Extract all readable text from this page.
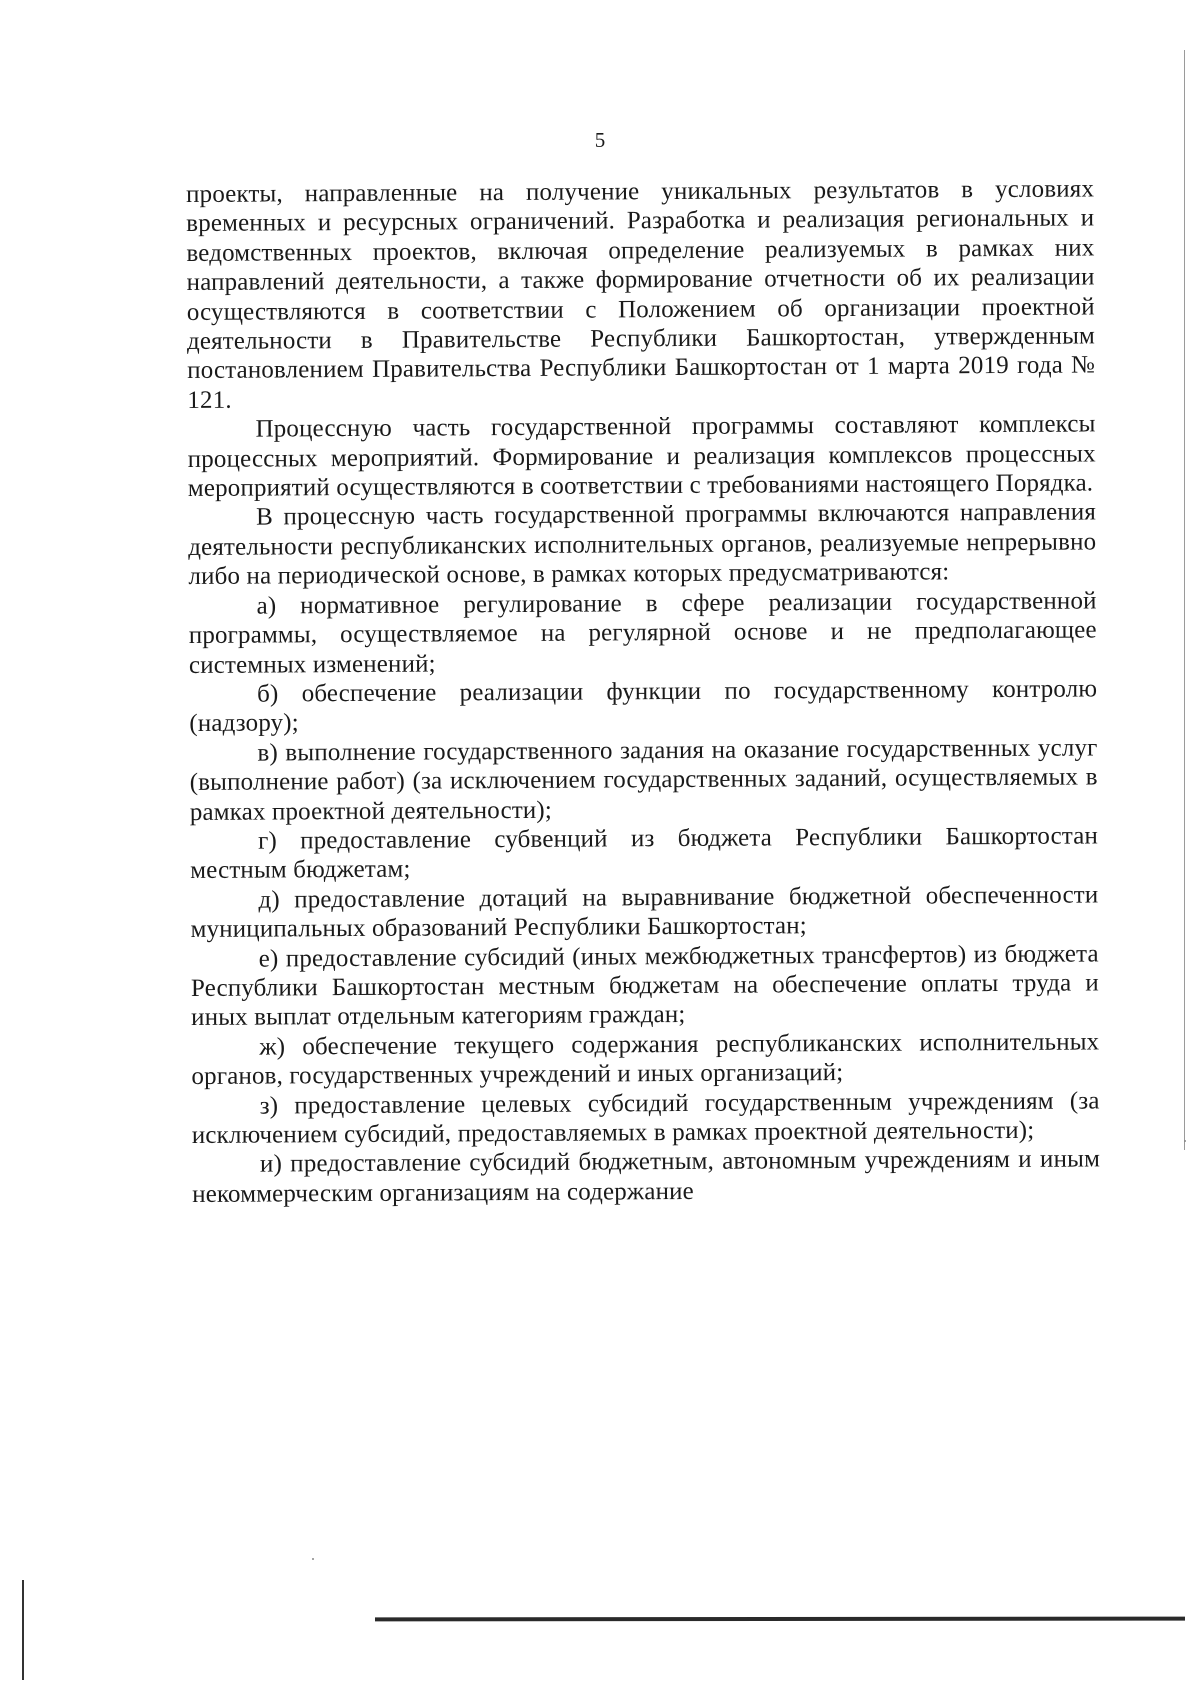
5

проекты, направленные на получение уникальных результатов в условиях временных и ресурсных ограничений. Разработка и реализация региональных и ведомственных проектов, включая определение реализуемых в рамках них направлений деятельности, а также формирование отчетности об их реализации осуществляются в соответствии с Положением об организации проектной деятельности в Правительстве Республики Башкортостан, утвержденным постановлением Правительства Республики Башкортостан от 1 марта 2019 года № 121.

Процессную часть государственной программы составляют комплексы процессных мероприятий. Формирование и реализация комплексов процессных мероприятий осуществляются в соответствии с требованиями настоящего Порядка.

В процессную часть государственной программы включаются направления деятельности республиканских исполнительных органов, реализуемые непрерывно либо на периодической основе, в рамках которых предусматриваются:

а) нормативное регулирование в сфере реализации государственной программы, осуществляемое на регулярной основе и не предполагающее системных изменений;

б) обеспечение реализации функции по государственному контролю (надзору);

в) выполнение государственного задания на оказание государственных услуг (выполнение работ) (за исключением государственных заданий, осуществляемых в рамках проектной деятельности);

г) предоставление субвенций из бюджета Республики Башкортостан местным бюджетам;

д) предоставление дотаций на выравнивание бюджетной обеспеченности муниципальных образований Республики Башкортостан;

е) предоставление субсидий (иных межбюджетных трансфертов) из бюджета Республики Башкортостан местным бюджетам на обеспечение оплаты труда и иных выплат отдельным категориям граждан;

ж) обеспечение текущего содержания республиканских исполнительных органов, государственных учреждений и иных организаций;

з) предоставление целевых субсидий государственным учреждениям (за исключением субсидий, предоставляемых в рамках проектной деятельности);

и) предоставление субсидий бюджетным, автономным учреждениям и иным некоммерческим организациям на содержание
